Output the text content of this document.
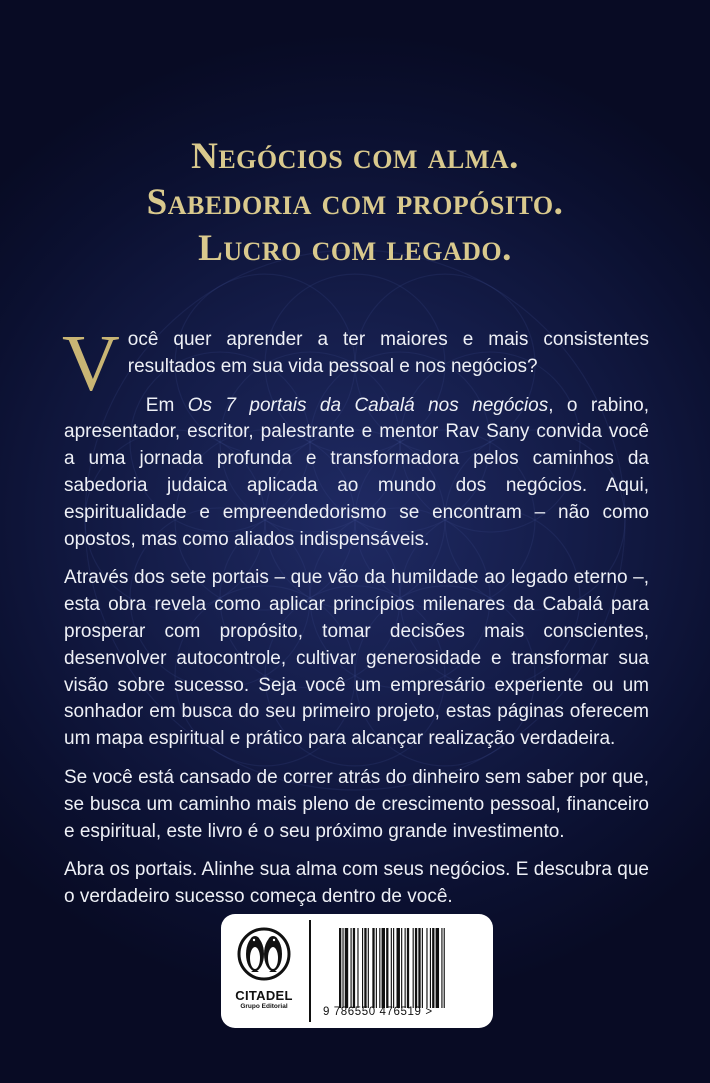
Negócios com alma.
Sabedoria com propósito.
Lucro com legado.

Você quer aprender a ter maiores e mais consistentes resultados em sua vida pessoal e nos negócios?

Em Os 7 portais da Cabalá nos negócios, o rabino, apresentador, escritor, palestrante e mentor Rav Sany convida você a uma jornada profunda e transformadora pelos caminhos da sabedoria judaica aplicada ao mundo dos negócios. Aqui, espiritualidade e empreendedorismo se encontram – não como opostos, mas como aliados indispensáveis.

Através dos sete portais – que vão da humildade ao legado eterno –, esta obra revela como aplicar princípios milenares da Cabalá para prosperar com propósito, tomar decisões mais conscientes, desenvolver autocontrole, cultivar generosidade e transformar sua visão sobre sucesso. Seja você um empresário experiente ou um sonhador em busca do seu primeiro projeto, estas páginas oferecem um mapa espiritual e prático para alcançar realização verdadeira.

Se você está cansado de correr atrás do dinheiro sem saber por que, se busca um caminho mais pleno de crescimento pessoal, financeiro e espiritual, este livro é o seu próximo grande investimento.

Abra os portais. Alinhe sua alma com seus negócios. E descubra que o verdadeiro sucesso começa dentro de você.

CITADEL
Grupo Editorial	9 786550 476519 >
